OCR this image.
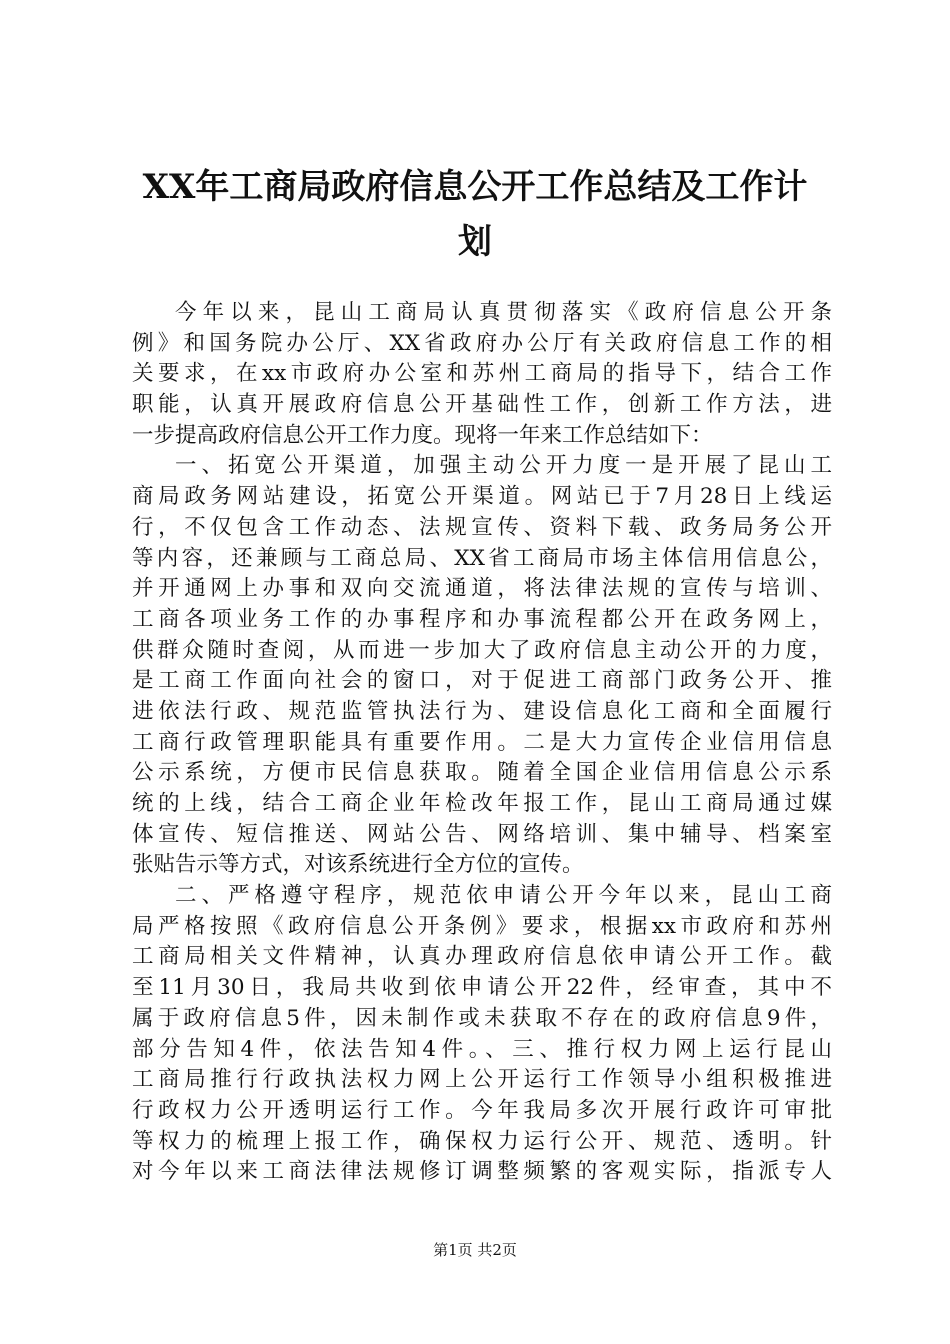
XX年工商局政府信息公开工作总结及工作计
划
今年以来，昆山工商局认真贯彻落实《政府信息公开条
例》和国务院办公厅、XX省政府办公厅有关政府信息工作的相
关要求，在xx市政府办公室和苏州工商局的指导下，结合工作
职能，认真开展政府信息公开基础性工作，创新工作方法，进
一步提高政府信息公开工作力度。现将一年来工作总结如下：
一、拓宽公开渠道，加强主动公开力度一是开展了昆山工
商局政务网站建设，拓宽公开渠道。网站已于7月28日上线运
行，不仅包含工作动态、法规宣传、资料下载、政务局务公开
等内容，还兼顾与工商总局、XX省工商局市场主体信用信息公，
并开通网上办事和双向交流通道，将法律法规的宣传与培训、
工商各项业务工作的办事程序和办事流程都公开在政务网上，
供群众随时查阅，从而进一步加大了政府信息主动公开的力度，
是工商工作面向社会的窗口，对于促进工商部门政务公开、推
进依法行政、规范监管执法行为、建设信息化工商和全面履行
工商行政管理职能具有重要作用。二是大力宣传企业信用信息
公示系统，方便市民信息获取。随着全国企业信用信息公示系
统的上线，结合工商企业年检改年报工作，昆山工商局通过媒
体宣传、短信推送、网站公告、网络培训、集中辅导、档案室
张贴告示等方式，对该系统进行全方位的宣传。
二、严格遵守程序，规范依申请公开今年以来，昆山工商
局严格按照《政府信息公开条例》要求，根据xx市政府和苏州
工商局相关文件精神，认真办理政府信息依申请公开工作。截
至11月30日，我局共收到依申请公开22件，经审查，其中不
属于政府信息5件，因未制作或未获取不存在的政府信息9件，
部分告知4件，依法告知4件。、三、推行权力网上运行昆山
工商局推行行政执法权力网上公开运行工作领导小组积极推进
行政权力公开透明运行工作。今年我局多次开展行政许可审批
等权力的梳理上报工作，确保权力运行公开、规范、透明。针
对今年以来工商法律法规修订调整频繁的客观实际，指派专人
第1页 共2页
